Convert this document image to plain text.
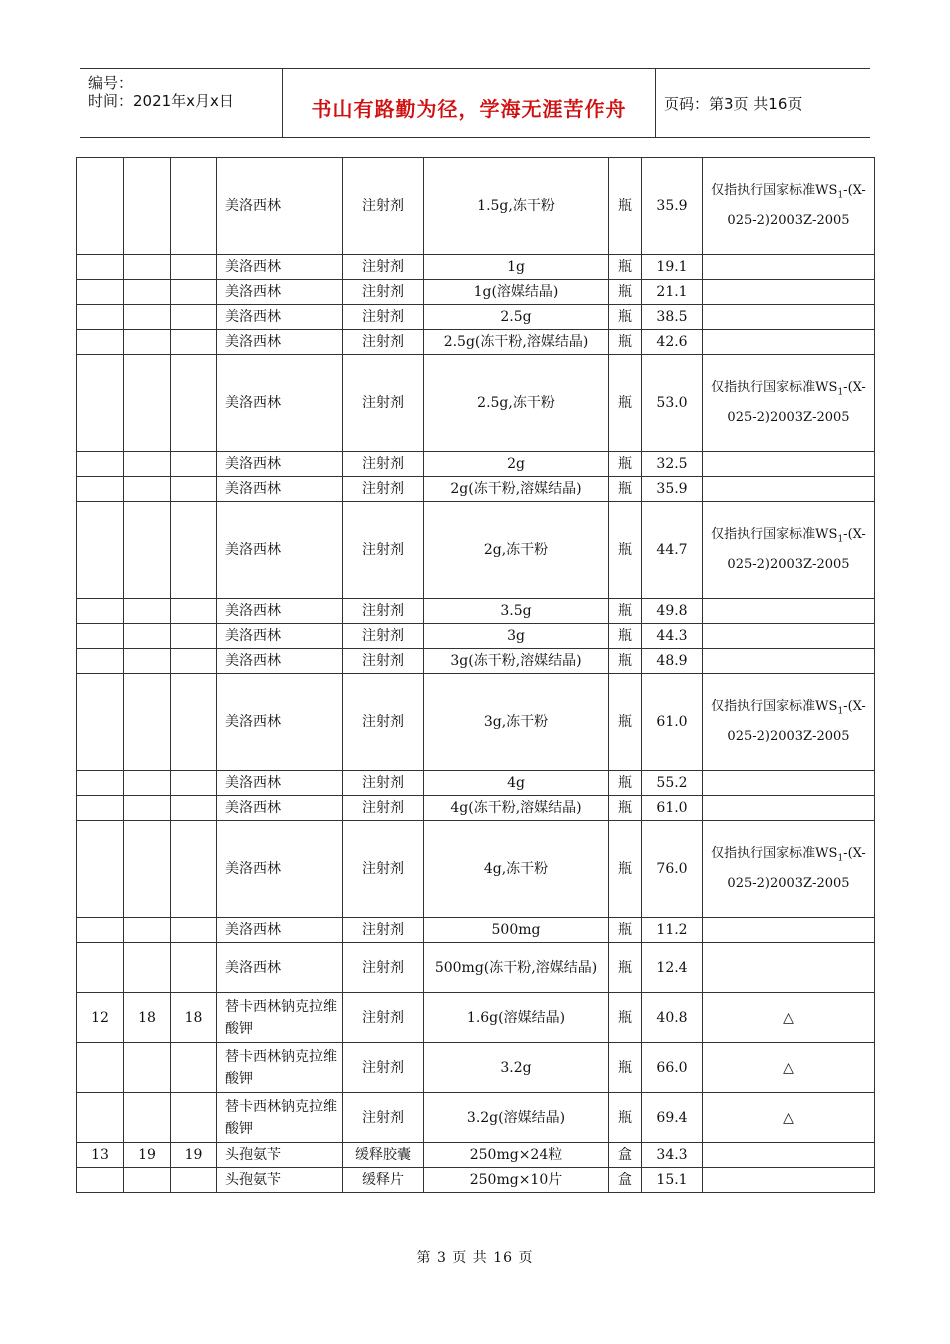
编号：
时间：2021年x月x日	书山有路勤为径，学海无涯苦作舟	页码：第3页 共16页
			美洛西林	注射剂	1.5g,冻干粉	瓶	35.9	仅指执行国家标准$WS_1-(X-025-2)2003Z-2005$
			美洛西林	注射剂	1g	瓶	19.1	
			美洛西林	注射剂	1g(溶媒结晶)	瓶	21.1	
			美洛西林	注射剂	2.5g	瓶	38.5	
			美洛西林	注射剂	2.5g(冻干粉,溶媒结晶)	瓶	42.6	
			美洛西林	注射剂	2.5g,冻干粉	瓶	53.0	仅指执行国家标准$WS_1-(X-025-2)2003Z-2005$
			美洛西林	注射剂	2g	瓶	32.5	
			美洛西林	注射剂	2g(冻干粉,溶媒结晶)	瓶	35.9	
			美洛西林	注射剂	2g,冻干粉	瓶	44.7	仅指执行国家标准$WS_1-(X-025-2)2003Z-2005$
			美洛西林	注射剂	3.5g	瓶	49.8	
			美洛西林	注射剂	3g	瓶	44.3	
			美洛西林	注射剂	3g(冻干粉,溶媒结晶)	瓶	48.9	
			美洛西林	注射剂	3g,冻干粉	瓶	61.0	仅指执行国家标准$WS_1-(X-025-2)2003Z-2005$
			美洛西林	注射剂	4g	瓶	55.2	
			美洛西林	注射剂	4g(冻干粉,溶媒结晶)	瓶	61.0	
			美洛西林	注射剂	4g,冻干粉	瓶	76.0	仅指执行国家标准$WS_1-(X-025-2)2003Z-2005$
			美洛西林	注射剂	500mg	瓶	11.2	
			美洛西林	注射剂	500mg(冻干粉,溶媒结晶)	瓶	12.4	
12	18	18	替卡西林钠克拉维酸钾	注射剂	1.6g(溶媒结晶)	瓶	40.8	△
			替卡西林钠克拉维酸钾	注射剂	3.2g	瓶	66.0	△
			替卡西林钠克拉维酸钾	注射剂	3.2g(溶媒结晶)	瓶	69.4	△
13	19	19	头孢氨苄	缓释胶囊	250mg×24粒	盒	34.3	
			头孢氨苄	缓释片	250mg×10片	盒	15.1	
第 3 页 共 16 页
